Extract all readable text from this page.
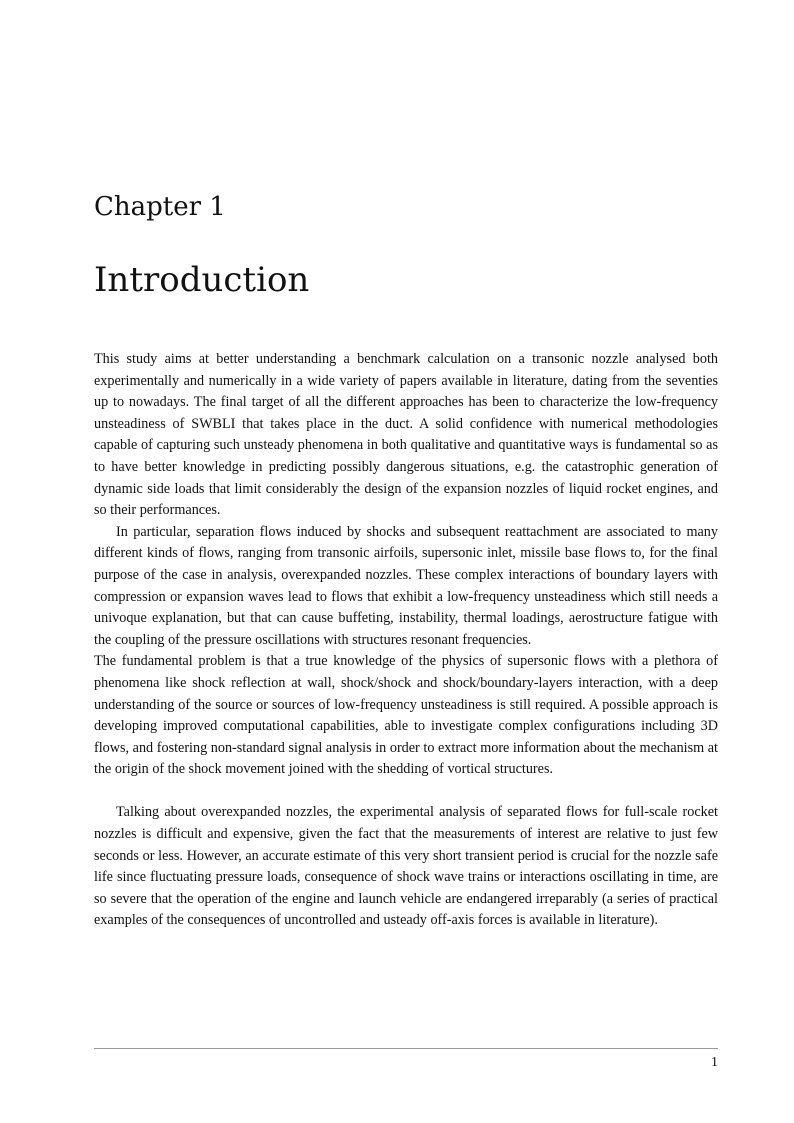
Chapter 1
Introduction

This study aims at better understanding a benchmark calculation on a transonic nozzle analysed both experimentally and numerically in a wide variety of papers available in literature, dating from the seventies up to nowadays. The final target of all the different approaches has been to characterize the low-frequency unsteadiness of SWBLI that takes place in the duct. A solid confidence with numerical methodologies capable of capturing such unsteady phenomena in both qualitative and quantitative ways is fundamental so as to have better knowledge in predicting possibly dangerous situations, e.g. the catastrophic generation of dynamic side loads that limit considerably the design of the expansion nozzles of liquid rocket engines, and so their performances.

In particular, separation flows induced by shocks and subsequent reattachment are associated to many different kinds of flows, ranging from transonic airfoils, supersonic inlet, missile base flows to, for the final purpose of the case in analysis, overexpanded nozzles. These complex interactions of boundary layers with compression or expansion waves lead to flows that exhibit a low-frequency unsteadiness which still needs a univoque explanation, but that can cause buffeting, instability, thermal loadings, aerostructure fatigue with the coupling of the pressure oscillations with structures resonant frequencies.

The fundamental problem is that a true knowledge of the physics of supersonic flows with a plethora of phenomena like shock reflection at wall, shock/shock and shock/boundary-layers interaction, with a deep understanding of the source or sources of low-frequency unsteadiness is still required. A possible approach is developing improved computational capabilities, able to investigate complex configurations including 3D flows, and fostering non-standard signal analysis in order to extract more information about the mechanism at the origin of the shock movement joined with the shedding of vortical structures.

Talking about overexpanded nozzles, the experimental analysis of separated flows for full-scale rocket nozzles is difficult and expensive, given the fact that the measurements of interest are relative to just few seconds or less. However, an accurate estimate of this very short transient period is crucial for the nozzle safe life since fluctuating pressure loads, consequence of shock wave trains or interactions oscillating in time, are so severe that the operation of the engine and launch vehicle are endangered irreparably (a series of practical examples of the consequences of uncontrolled and usteady off-axis forces is available in literature).

1
